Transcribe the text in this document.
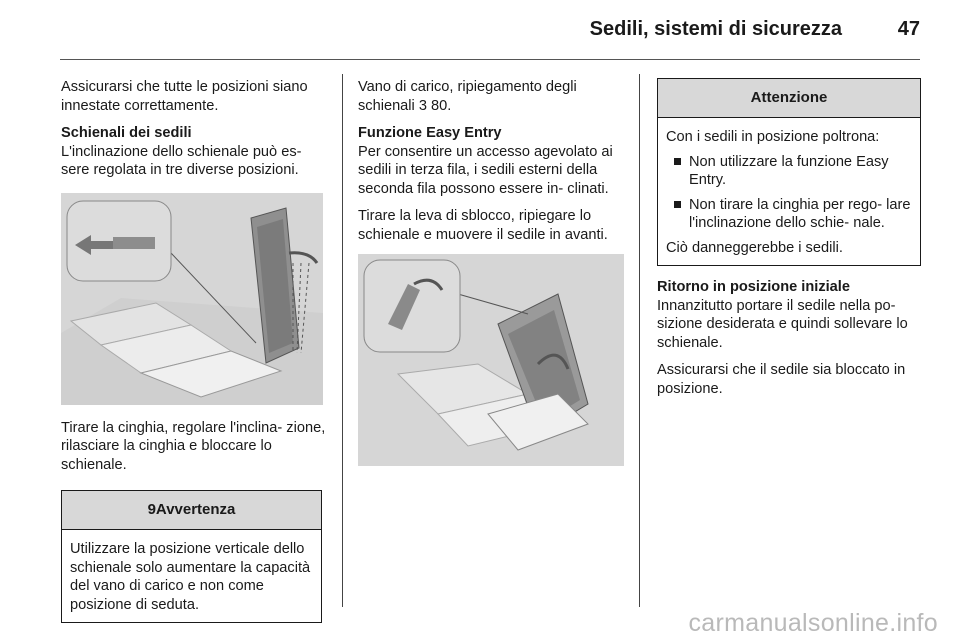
Sedili, sistemi di sicurezza	47

Assicurarsi che tutte le posizioni siano innestate correttamente.

Schienali dei sedili

L'inclinazione dello schienale può es- sere regolata in tre diverse posizioni.

Tirare la cinghia, regolare l'inclina- zione, rilasciare la cinghia e bloccare lo schienale.

9Avvertenza

Utilizzare la posizione verticale dello schienale solo aumentare la capacità del vano di carico e non come posizione di seduta.

Vano di carico, ripiegamento degli schienali 3 80.

Funzione Easy Entry

Per consentire un accesso agevolato ai sedili in terza fila, i sedili esterni della seconda fila possono essere in- clinati.

Tirare la leva di sblocco, ripiegare lo schienale e muovere il sedile in avanti.

Attenzione

Con i sedili in posizione poltrona:

Non utilizzare la funzione Easy Entry.
Non tirare la cinghia per rego- lare l'inclinazione dello schie- nale.

Ciò danneggerebbe i sedili.

Ritorno in posizione iniziale

Innanzitutto portare il sedile nella po- sizione desiderata e quindi sollevare lo schienale.

Assicurarsi che il sedile sia bloccato in posizione.

carmanualsonline.info
